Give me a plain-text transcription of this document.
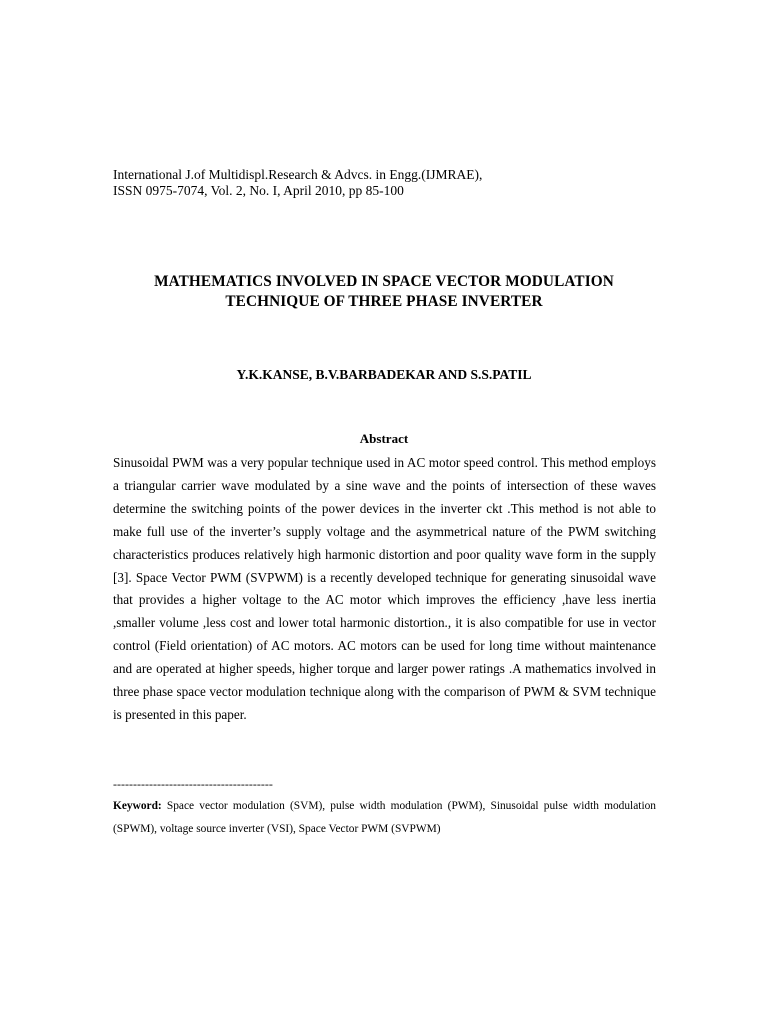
International J.of Multidispl.Research & Advcs. in Engg.(IJMRAE),
ISSN 0975-7074, Vol. 2, No. I, April 2010, pp 85-100
MATHEMATICS INVOLVED IN SPACE VECTOR MODULATION
TECHNIQUE OF THREE PHASE INVERTER
Y.K.KANSE, B.V.BARBADEKAR AND S.S.PATIL
Abstract
Sinusoidal PWM was a very popular technique used in AC motor speed control. This method employs a triangular carrier wave modulated by a sine wave and the points of intersection of these waves determine the switching points of the power devices in the inverter ckt .This method is not able to make full use of the inverter’s supply voltage and the asymmetrical nature of the PWM switching characteristics produces relatively high harmonic distortion and poor quality wave form in the supply [3]. Space Vector PWM (SVPWM) is a recently developed technique for generating sinusoidal wave that provides a higher voltage to the AC motor which improves the efficiency ,have less inertia ,smaller volume ,less cost and lower total harmonic distortion., it is also compatible for use in vector control (Field orientation) of AC motors. AC motors can be used for long time without maintenance and are operated at higher speeds, higher torque and larger power ratings .A mathematics involved in three phase space vector modulation technique along with the comparison of PWM & SVM technique is presented in this paper.
----------------------------------------
Keyword: Space vector modulation (SVM), pulse width modulation (PWM), Sinusoidal pulse width modulation (SPWM), voltage source inverter (VSI), Space Vector PWM (SVPWM)
